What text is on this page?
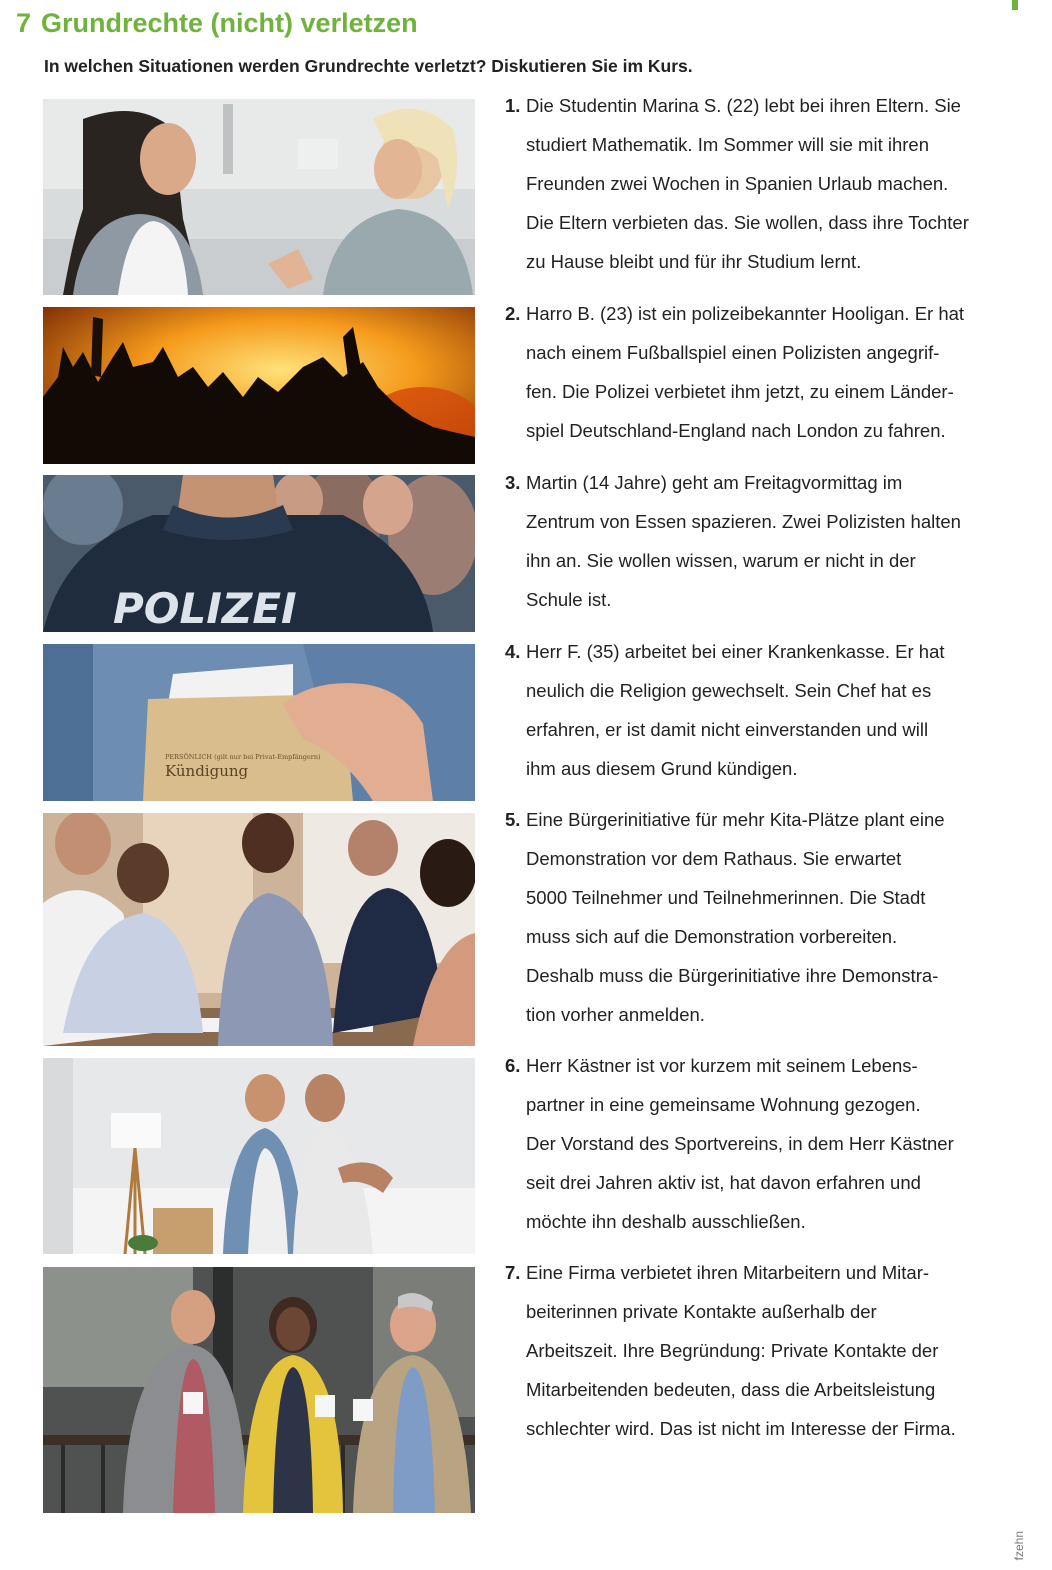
7 Grundrechte (nicht) verletzen

In welchen Situationen werden Grundrechte verletzt? Diskutieren Sie im Kurs.

POLIZEI
PERSÖNLICH (gilt nur bei Privat-Empfängern)
Kündigung
1. Die Studentin Marina S. (22) lebt bei ihren Eltern. Sie
studiert Mathematik. Im Sommer will sie mit ihren
Freunden zwei Wochen in Spanien Urlaub machen.
Die Eltern verbieten das. Sie wollen, dass ihre Tochter
zu Hause bleibt und für ihr Studium lernt.
2. Harro B. (23) ist ein polizeibekannter Hooligan. Er hat
nach einem Fußballspiel einen Polizisten angegrif-
fen. Die Polizei verbietet ihm jetzt, zu einem Länder-
spiel Deutschland-England nach London zu fahren.
3. Martin (14 Jahre) geht am Freitagvormittag im
Zentrum von Essen spazieren. Zwei Polizisten halten
ihn an. Sie wollen wissen, warum er nicht in der
Schule ist.
4. Herr F. (35) arbeitet bei einer Krankenkasse. Er hat
neulich die Religion gewechselt. Sein Chef hat es
erfahren, er ist damit nicht einverstanden und will
ihm aus diesem Grund kündigen.
5. Eine Bürgerinitiative für mehr Kita-Plätze plant eine
Demonstration vor dem Rathaus. Sie erwartet
5000 Teilnehmer und Teilnehmerinnen. Die Stadt
muss sich auf die Demonstration vorbereiten.
Deshalb muss die Bürgerinitiative ihre Demonstra-
tion vorher anmelden.
6. Herr Kästner ist vor kurzem mit seinem Lebens-
partner in eine gemeinsame Wohnung gezogen.
Der Vorstand des Sportvereins, in dem Herr Kästner
seit drei Jahren aktiv ist, hat davon erfahren und
möchte ihn deshalb ausschließen.
7. Eine Firma verbietet ihren Mitarbeitern und Mitar-
beiterinnen private Kontakte außerhalb der
Arbeitszeit. Ihre Begründung: Private Kontakte der
Mitarbeitenden bedeuten, dass die Arbeitsleistung
schlechter wird. Das ist nicht im Interesse der Firma.
fzehn
